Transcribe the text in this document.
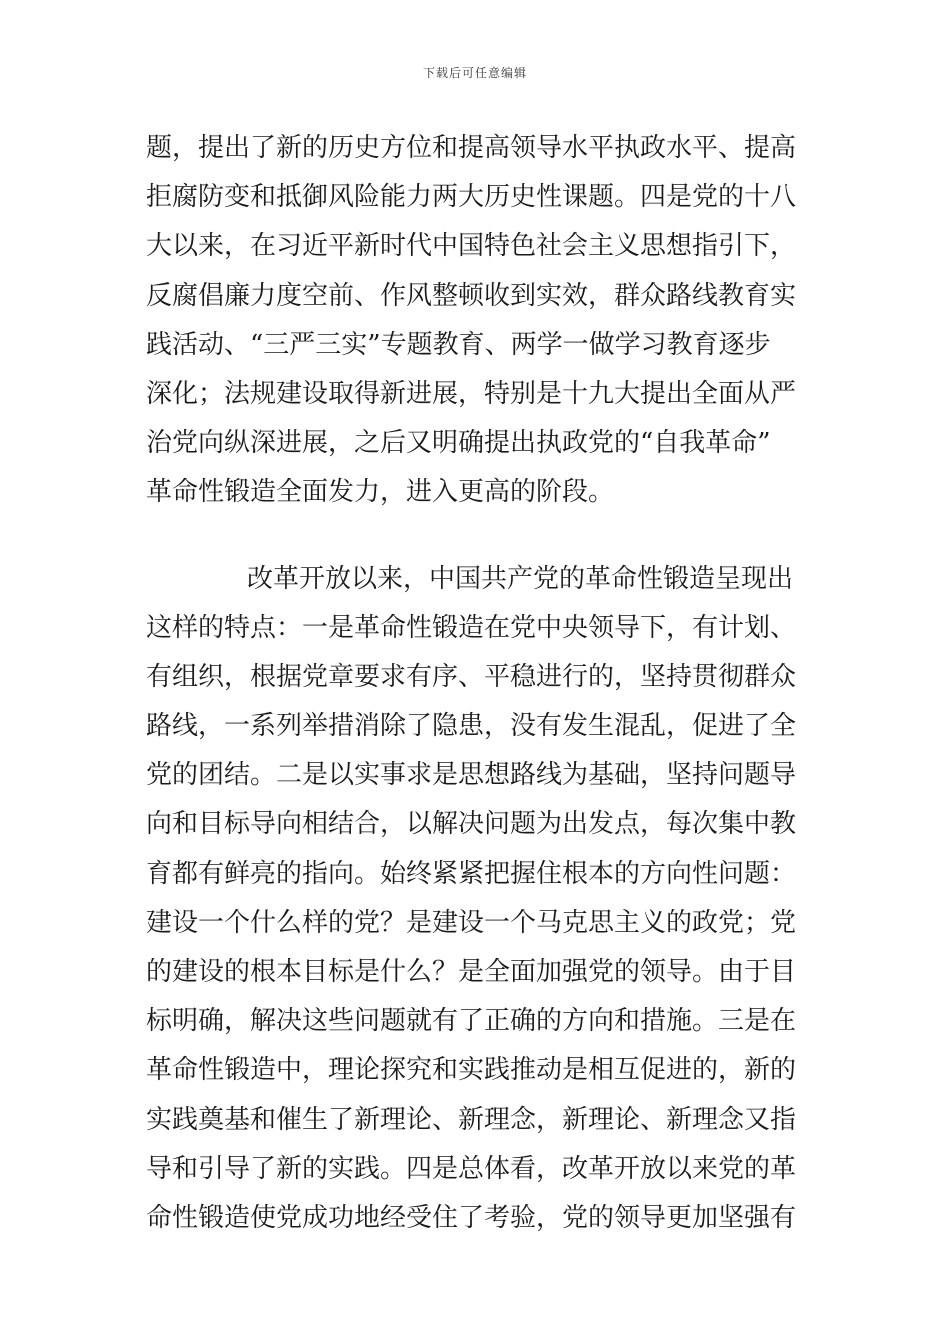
下载后可任意编辑
题，提出了新的历史方位和提高领导水平执政水平、提高
拒腐防变和抵御风险能力两大历史性课题。四是党的十八
大以来，在习近平新时代中国特色社会主义思想指引下，
反腐倡廉力度空前、作风整顿收到实效，群众路线教育实
践活动、“三严三实”专题教育、两学一做学习教育逐步
深化；法规建设取得新进展，特别是十九大提出全面从严
治党向纵深进展，之后又明确提出执政党的“自我革命”
革命性锻造全面发力，进入更高的阶段。
改革开放以来，中国共产党的革命性锻造呈现出
这样的特点：一是革命性锻造在党中央领导下，有计划、
有组织，根据党章要求有序、平稳进行的，坚持贯彻群众
路线，一系列举措消除了隐患，没有发生混乱，促进了全
党的团结。二是以实事求是思想路线为基础，坚持问题导
向和目标导向相结合，以解决问题为出发点，每次集中教
育都有鲜亮的指向。始终紧紧把握住根本的方向性问题：
建设一个什么样的党？是建设一个马克思主义的政党；党
的建设的根本目标是什么？是全面加强党的领导。由于目
标明确，解决这些问题就有了正确的方向和措施。三是在
革命性锻造中，理论探究和实践推动是相互促进的，新的
实践奠基和催生了新理论、新理念，新理论、新理念又指
导和引导了新的实践。四是总体看，改革开放以来党的革
命性锻造使党成功地经受住了考验，党的领导更加坚强有
